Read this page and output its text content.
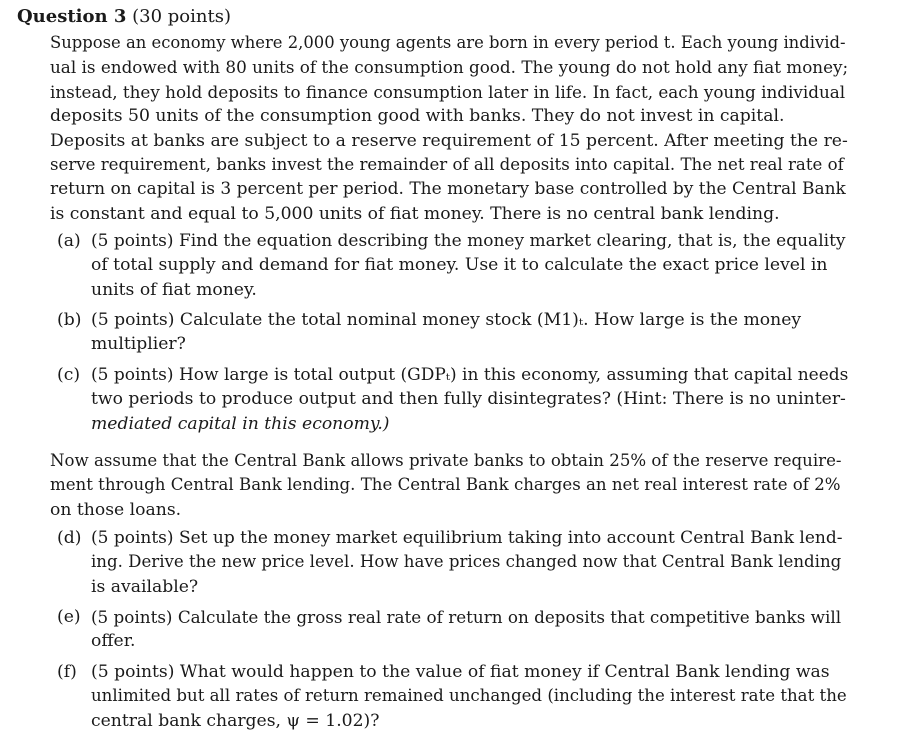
Question 3 (30 points)
Suppose an economy where 2,000 young agents are born in every period t. Each young individ-
ual is endowed with 80 units of the consumption good. The young do not hold any fiat money;
instead, they hold deposits to finance consumption later in life. In fact, each young individual
deposits 50 units of the consumption good with banks. They do not invest in capital.
Deposits at banks are subject to a reserve requirement of 15 percent. After meeting the re-
serve requirement, banks invest the remainder of all deposits into capital. The net real rate of
return on capital is 3 percent per period. The monetary base controlled by the Central Bank
is constant and equal to 5,000 units of fiat money. There is no central bank lending.
(a) (5 points) Find the equation describing the money market clearing, that is, the equality
of total supply and demand for fiat money. Use it to calculate the exact price level in
units of fiat money.
(b) (5 points) Calculate the total nominal money stock (M1)ₜ. How large is the money
multiplier?
(c) (5 points) How large is total output (GDPₜ) in this economy, assuming that capital needs
two periods to produce output and then fully disintegrates? (Hint: There is no uninter-
mediated capital in this economy.)
Now assume that the Central Bank allows private banks to obtain 25% of the reserve require-
ment through Central Bank lending. The Central Bank charges an net real interest rate of 2%
on those loans.
(d) (5 points) Set up the money market equilibrium taking into account Central Bank lend-
ing. Derive the new price level. How have prices changed now that Central Bank lending
is available?
(e) (5 points) Calculate the gross real rate of return on deposits that competitive banks will
offer.
(f) (5 points) What would happen to the value of fiat money if Central Bank lending was
unlimited but all rates of return remained unchanged (including the interest rate that the
central bank charges, ψ = 1.02)?
